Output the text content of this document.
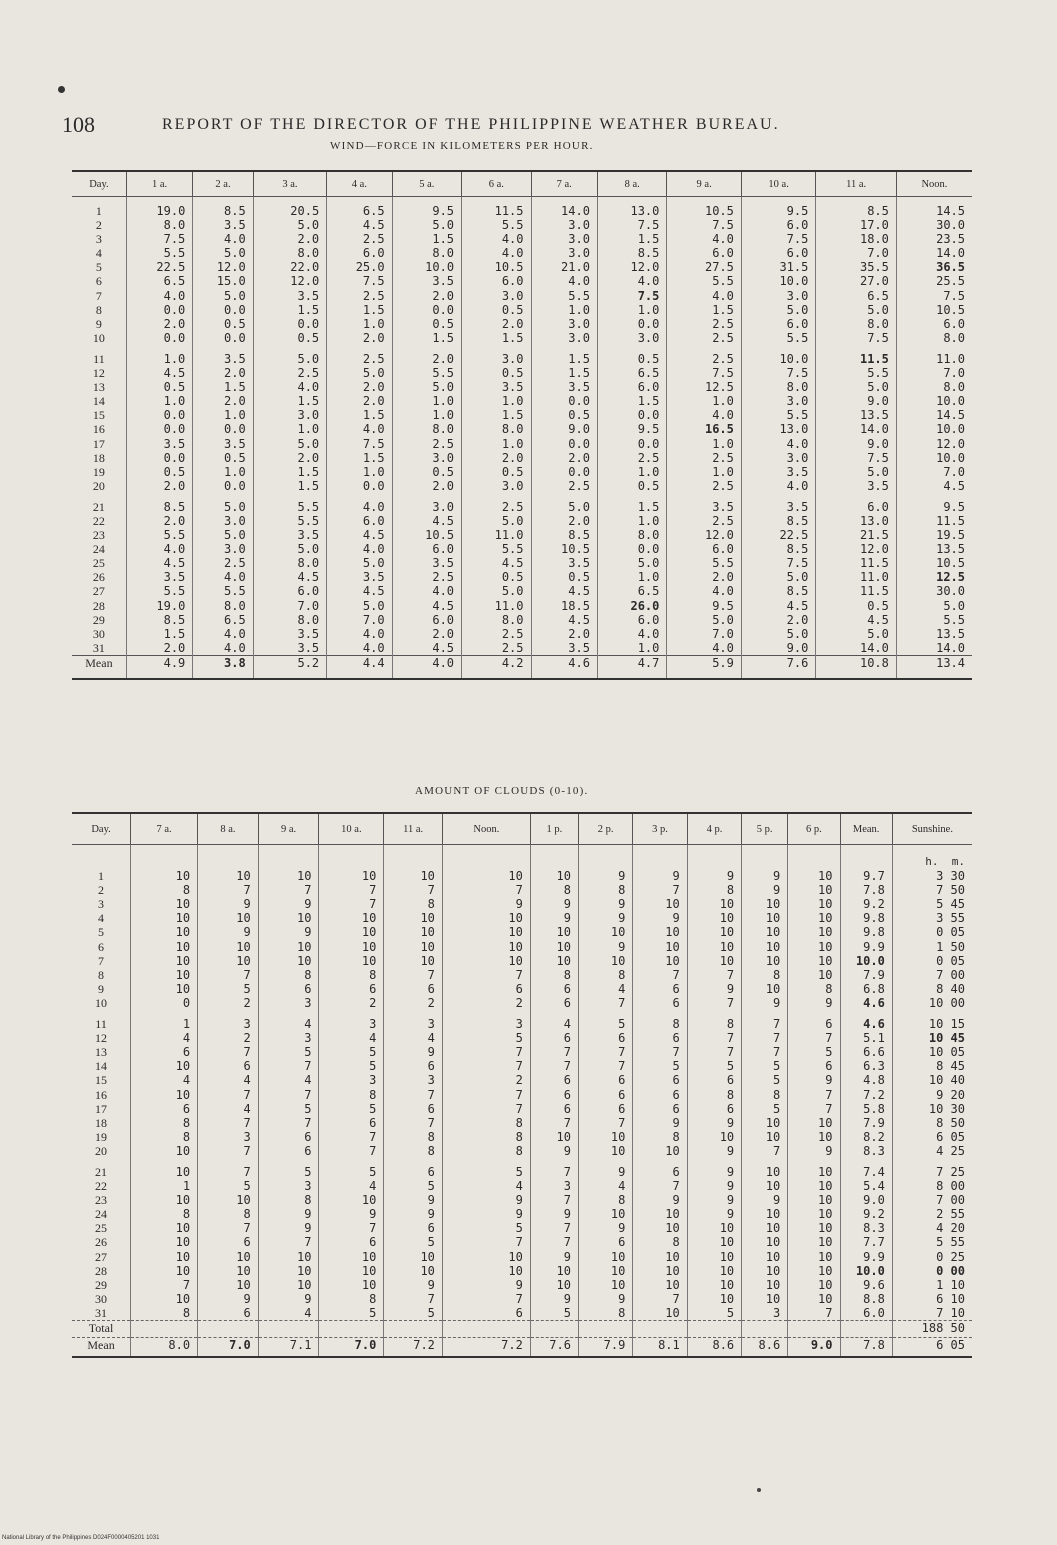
108	REPORT OF THE DIRECTOR OF THE PHILIPPINE WEATHER BUREAU.
WIND—FORCE IN KILOMETERS PER HOUR.
Day.	1 a.	2 a.	3 a.	4 a.	5 a.	6 a.	7 a.	8 a.	9 a.	10 a.	11 a.	Noon.

1	19.0	8.5	20.5	6.5	9.5	11.5	14.0	13.0	10.5	9.5	8.5	14.5
2	8.0	3.5	5.0	4.5	5.0	5.5	3.0	7.5	7.5	6.0	17.0	30.0
3	7.5	4.0	2.0	2.5	1.5	4.0	3.0	1.5	4.0	7.5	18.0	23.5
4	5.5	5.0	8.0	6.0	8.0	4.0	3.0	8.5	6.0	6.0	7.0	14.0
5	22.5	12.0	22.0	25.0	10.0	10.5	21.0	12.0	27.5	31.5	35.5	36.5
6	6.5	15.0	12.0	7.5	3.5	6.0	4.0	4.0	5.5	10.0	27.0	25.5
7	4.0	5.0	3.5	2.5	2.0	3.0	5.5	7.5	4.0	3.0	6.5	7.5
8	0.0	0.0	1.5	1.5	0.0	0.5	1.0	1.0	1.5	5.0	5.0	10.5
9	2.0	0.5	0.0	1.0	0.5	2.0	3.0	0.0	2.5	6.0	8.0	6.0
10	0.0	0.0	0.5	2.0	1.5	1.5	3.0	3.0	2.5	5.5	7.5	8.0

11	1.0	3.5	5.0	2.5	2.0	3.0	1.5	0.5	2.5	10.0	11.5	11.0
12	4.5	2.0	2.5	5.0	5.5	0.5	1.5	6.5	7.5	7.5	5.5	7.0
13	0.5	1.5	4.0	2.0	5.0	3.5	3.5	6.0	12.5	8.0	5.0	8.0
14	1.0	2.0	1.5	2.0	1.0	1.0	0.0	1.5	1.0	3.0	9.0	10.0
15	0.0	1.0	3.0	1.5	1.0	1.5	0.5	0.0	4.0	5.5	13.5	14.5
16	0.0	0.0	1.0	4.0	8.0	8.0	9.0	9.5	16.5	13.0	14.0	10.0
17	3.5	3.5	5.0	7.5	2.5	1.0	0.0	0.0	1.0	4.0	9.0	12.0
18	0.0	0.5	2.0	1.5	3.0	2.0	2.0	2.5	2.5	3.0	7.5	10.0
19	0.5	1.0	1.5	1.0	0.5	0.5	0.0	1.0	1.0	3.5	5.0	7.0
20	2.0	0.0	1.5	0.0	2.0	3.0	2.5	0.5	2.5	4.0	3.5	4.5

21	8.5	5.0	5.5	4.0	3.0	2.5	5.0	1.5	3.5	3.5	6.0	9.5
22	2.0	3.0	5.5	6.0	4.5	5.0	2.0	1.0	2.5	8.5	13.0	11.5
23	5.5	5.0	3.5	4.5	10.5	11.0	8.5	8.0	12.0	22.5	21.5	19.5
24	4.0	3.0	5.0	4.0	6.0	5.5	10.5	0.0	6.0	8.5	12.0	13.5
25	4.5	2.5	8.0	5.0	3.5	4.5	3.5	5.0	5.5	7.5	11.5	10.5
26	3.5	4.0	4.5	3.5	2.5	0.5	0.5	1.0	2.0	5.0	11.0	12.5
27	5.5	5.5	6.0	4.5	4.0	5.0	4.5	6.5	4.0	8.5	11.5	30.0
28	19.0	8.0	7.0	5.0	4.5	11.0	18.5	26.0	9.5	4.5	0.5	5.0
29	8.5	6.5	8.0	7.0	6.0	8.0	4.5	6.0	5.0	2.0	4.5	5.5
30	1.5	4.0	3.5	4.0	2.0	2.5	2.0	4.0	7.0	5.0	5.0	13.5
31	2.0	4.0	3.5	4.0	4.5	2.5	3.5	1.0	4.0	9.0	14.0	14.0
Mean	4.9	3.8	5.2	4.4	4.0	4.2	4.6	4.7	5.9	7.6	10.8	13.4
AMOUNT OF CLOUDS (0-10).
Day.	7 a.	8 a.	9 a.	10 a.	11 a.	Noon.	1 p.	2 p.	3 p.	4 p.	5 p.	6 p.	Mean.	Sunshine.
														h.  m.
1	10	10	10	10	10	10	10	9	9	9	9	10	9.7	3 30
2	8	7	7	7	7	7	8	8	7	8	9	10	7.8	7 50
3	10	9	9	7	8	9	9	9	10	10	10	10	9.2	5 45
4	10	10	10	10	10	10	9	9	9	10	10	10	9.8	3 55
5	10	9	9	10	10	10	10	10	10	10	10	10	9.8	0 05
6	10	10	10	10	10	10	10	9	10	10	10	10	9.9	1 50
7	10	10	10	10	10	10	10	10	10	10	10	10	10.0	0 05
8	10	7	8	8	7	7	8	8	7	7	8	10	7.9	7 00
9	10	5	6	6	6	6	6	4	6	9	10	8	6.8	8 40
10	0	2	3	2	2	2	6	7	6	7	9	9	4.6	10 00

11	1	3	4	3	3	3	4	5	8	8	7	6	4.6	10 15
12	4	2	3	4	4	5	6	6	6	7	7	7	5.1	10 45
13	6	7	5	5	9	7	7	7	7	7	7	5	6.6	10 05
14	10	6	7	5	6	7	7	7	5	5	5	6	6.3	8 45
15	4	4	4	3	3	2	6	6	6	6	5	9	4.8	10 40
16	10	7	7	8	7	7	6	6	6	8	8	7	7.2	9 20
17	6	4	5	5	6	7	6	6	6	6	5	7	5.8	10 30
18	8	7	7	6	7	8	7	7	9	9	10	10	7.9	8 50
19	8	3	6	7	8	8	10	10	8	10	10	10	8.2	6 05
20	10	7	6	7	8	8	9	10	10	9	7	9	8.3	4 25

21	10	7	5	5	6	5	7	9	6	9	10	10	7.4	7 25
22	1	5	3	4	5	4	3	4	7	9	10	10	5.4	8 00
23	10	10	8	10	9	9	7	8	9	9	9	10	9.0	7 00
24	8	8	9	9	9	9	9	10	10	9	10	10	9.2	2 55
25	10	7	9	7	6	5	7	9	10	10	10	10	8.3	4 20
26	10	6	7	6	5	7	7	6	8	10	10	10	7.7	5 55
27	10	10	10	10	10	10	9	10	10	10	10	10	9.9	0 25
28	10	10	10	10	10	10	10	10	10	10	10	10	10.0	0 00
29	7	10	10	10	9	9	10	10	10	10	10	10	9.6	1 10
30	10	9	9	8	7	7	9	9	7	10	10	10	8.8	6 10
31	8	6	4	5	5	6	5	8	10	5	3	7	6.0	7 10
Total														188 50
Mean	8.0	7.0	7.1	7.0	7.2	7.2	7.6	7.9	8.1	8.6	8.6	9.0	7.8	6 05
National Library of the Philippines D024F0000405201 1031
